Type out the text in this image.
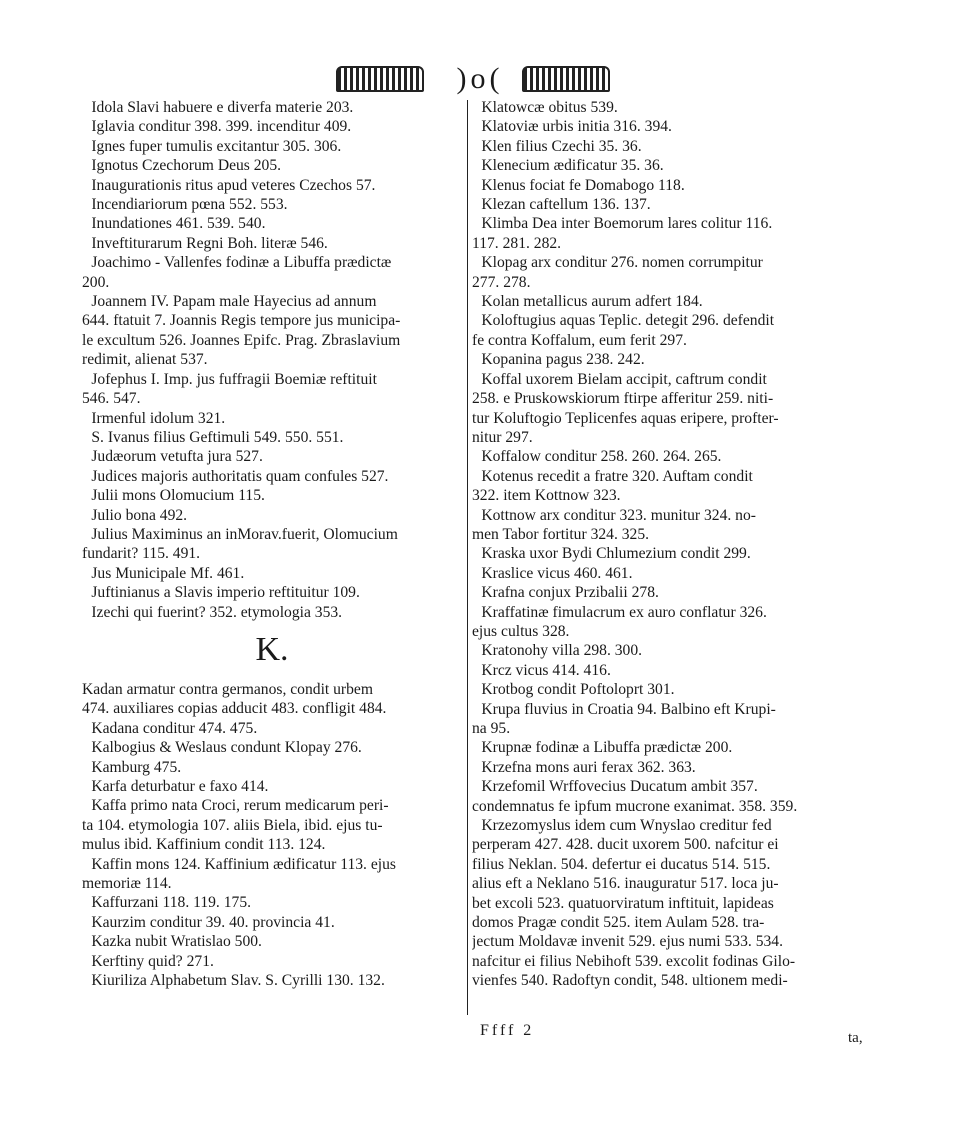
)o(
Idola Slavi habuere e diverfa materie 203.
Iglavia conditur 398. 399. incenditur 409.
Ignes fuper tumulis excitantur 305. 306.
Ignotus Czechorum Deus 205.
Inaugurationis ritus apud veteres Czechos 57.
Incendiariorum pœna 552. 553.
Inundationes 461. 539. 540.
Inveftiturarum Regni Boh. literæ 546.
Joachimo - Vallenfes fodinæ a Libuffa prædictæ
200.
Joannem IV. Papam male Hayecius ad annum
644. ftatuit 7. Joannis Regis tempore jus municipa-
le excultum 526. Joannes Epifc. Prag. Zbraslavium
redimit, alienat 537.
Jofephus I. Imp. jus fuffragii Boemiæ reftituit
546. 547.
Irmenful idolum 321.
S. Ivanus filius Geftimuli 549. 550. 551.
Judæorum vetufta jura 527.
Judices majoris authoritatis quam confules 527.
Julii mons Olomucium 115.
Julio bona 492.
Julius Maximinus an inMorav.fuerit, Olomucium
fundarit? 115. 491.
Jus Municipale Mf. 461.
Juftinianus a Slavis imperio reftituitur 109.
Izechi qui fuerint? 352. etymologia 353.
K.
Kadan armatur contra germanos, condit urbem
474. auxiliares copias adducit 483. confligit 484.
Kadana conditur 474. 475.
Kalbogius & Weslaus condunt Klopay 276.
Kamburg 475.
Karfa deturbatur e faxo 414.
Kaffa primo nata Croci, rerum medicarum peri-
ta 104. etymologia 107. aliis Biela, ibid. ejus tu-
mulus ibid. Kaffinium condit 113. 124.
Kaffin mons 124. Kaffinium ædificatur 113. ejus
memoriæ 114.
Kaffurzani 118. 119. 175.
Kaurzim conditur 39. 40. provincia 41.
Kazka nubit Wratislao 500.
Kerftiny quid? 271.
Kiuriliza Alphabetum Slav. S. Cyrilli 130. 132.
Klatowcæ obitus 539.
Klatoviæ urbis initia 316. 394.
Klen filius Czechi 35. 36.
Klenecium ædificatur 35. 36.
Klenus fociat fe Domabogo 118.
Klezan caftellum 136. 137.
Klimba Dea inter Boemorum lares colitur 116.
117. 281. 282.
Klopag arx conditur 276. nomen corrumpitur
277. 278.
Kolan metallicus aurum adfert 184.
Koloftugius aquas Teplic. detegit 296. defendit
fe contra Koffalum, eum ferit 297.
Kopanina pagus 238. 242.
Koffal uxorem Bielam accipit, caftrum condit
258. e Pruskowskiorum ftirpe afferitur 259. niti-
tur Koluftogio Teplicenfes aquas eripere, profter-
nitur 297.
Koffalow conditur 258. 260. 264. 265.
Kotenus recedit a fratre 320. Auftam condit
322. item Kottnow 323.
Kottnow arx conditur 323. munitur 324. no-
men Tabor fortitur 324. 325.
Kraska uxor Bydi Chlumezium condit 299.
Kraslice vicus 460. 461.
Krafna conjux Przibalii 278.
Kraffatinæ fimulacrum ex auro conflatur 326.
ejus cultus 328.
Kratonohy villa 298. 300.
Krcz vicus 414. 416.
Krotbog condit Poftoloprt 301.
Krupa fluvius in Croatia 94. Balbino eft Krupi-
na 95.
Krupnæ fodinæ a Libuffa prædictæ 200.
Krzefna mons auri ferax 362. 363.
Krzefomil Wrffovecius Ducatum ambit 357.
condemnatus fe ipfum mucrone exanimat. 358. 359.
Krzezomyslus idem cum Wnyslao creditur fed
perperam 427. 428. ducit uxorem 500. nafcitur ei
filius Neklan. 504. defertur ei ducatus 514. 515.
alius eft a Neklano 516. inauguratur 517. loca ju-
bet excoli 523. quatuorviratum inftituit, lapideas
domos Pragæ condit 525. item Aulam 528. tra-
jectum Moldavæ invenit 529. ejus numi 533. 534.
nafcitur ei filius Nebihoft 539. excolit fodinas Gilo-
vienfes 540. Radoftyn condit, 548. ultionem medi-
Ffff 2	ta,
